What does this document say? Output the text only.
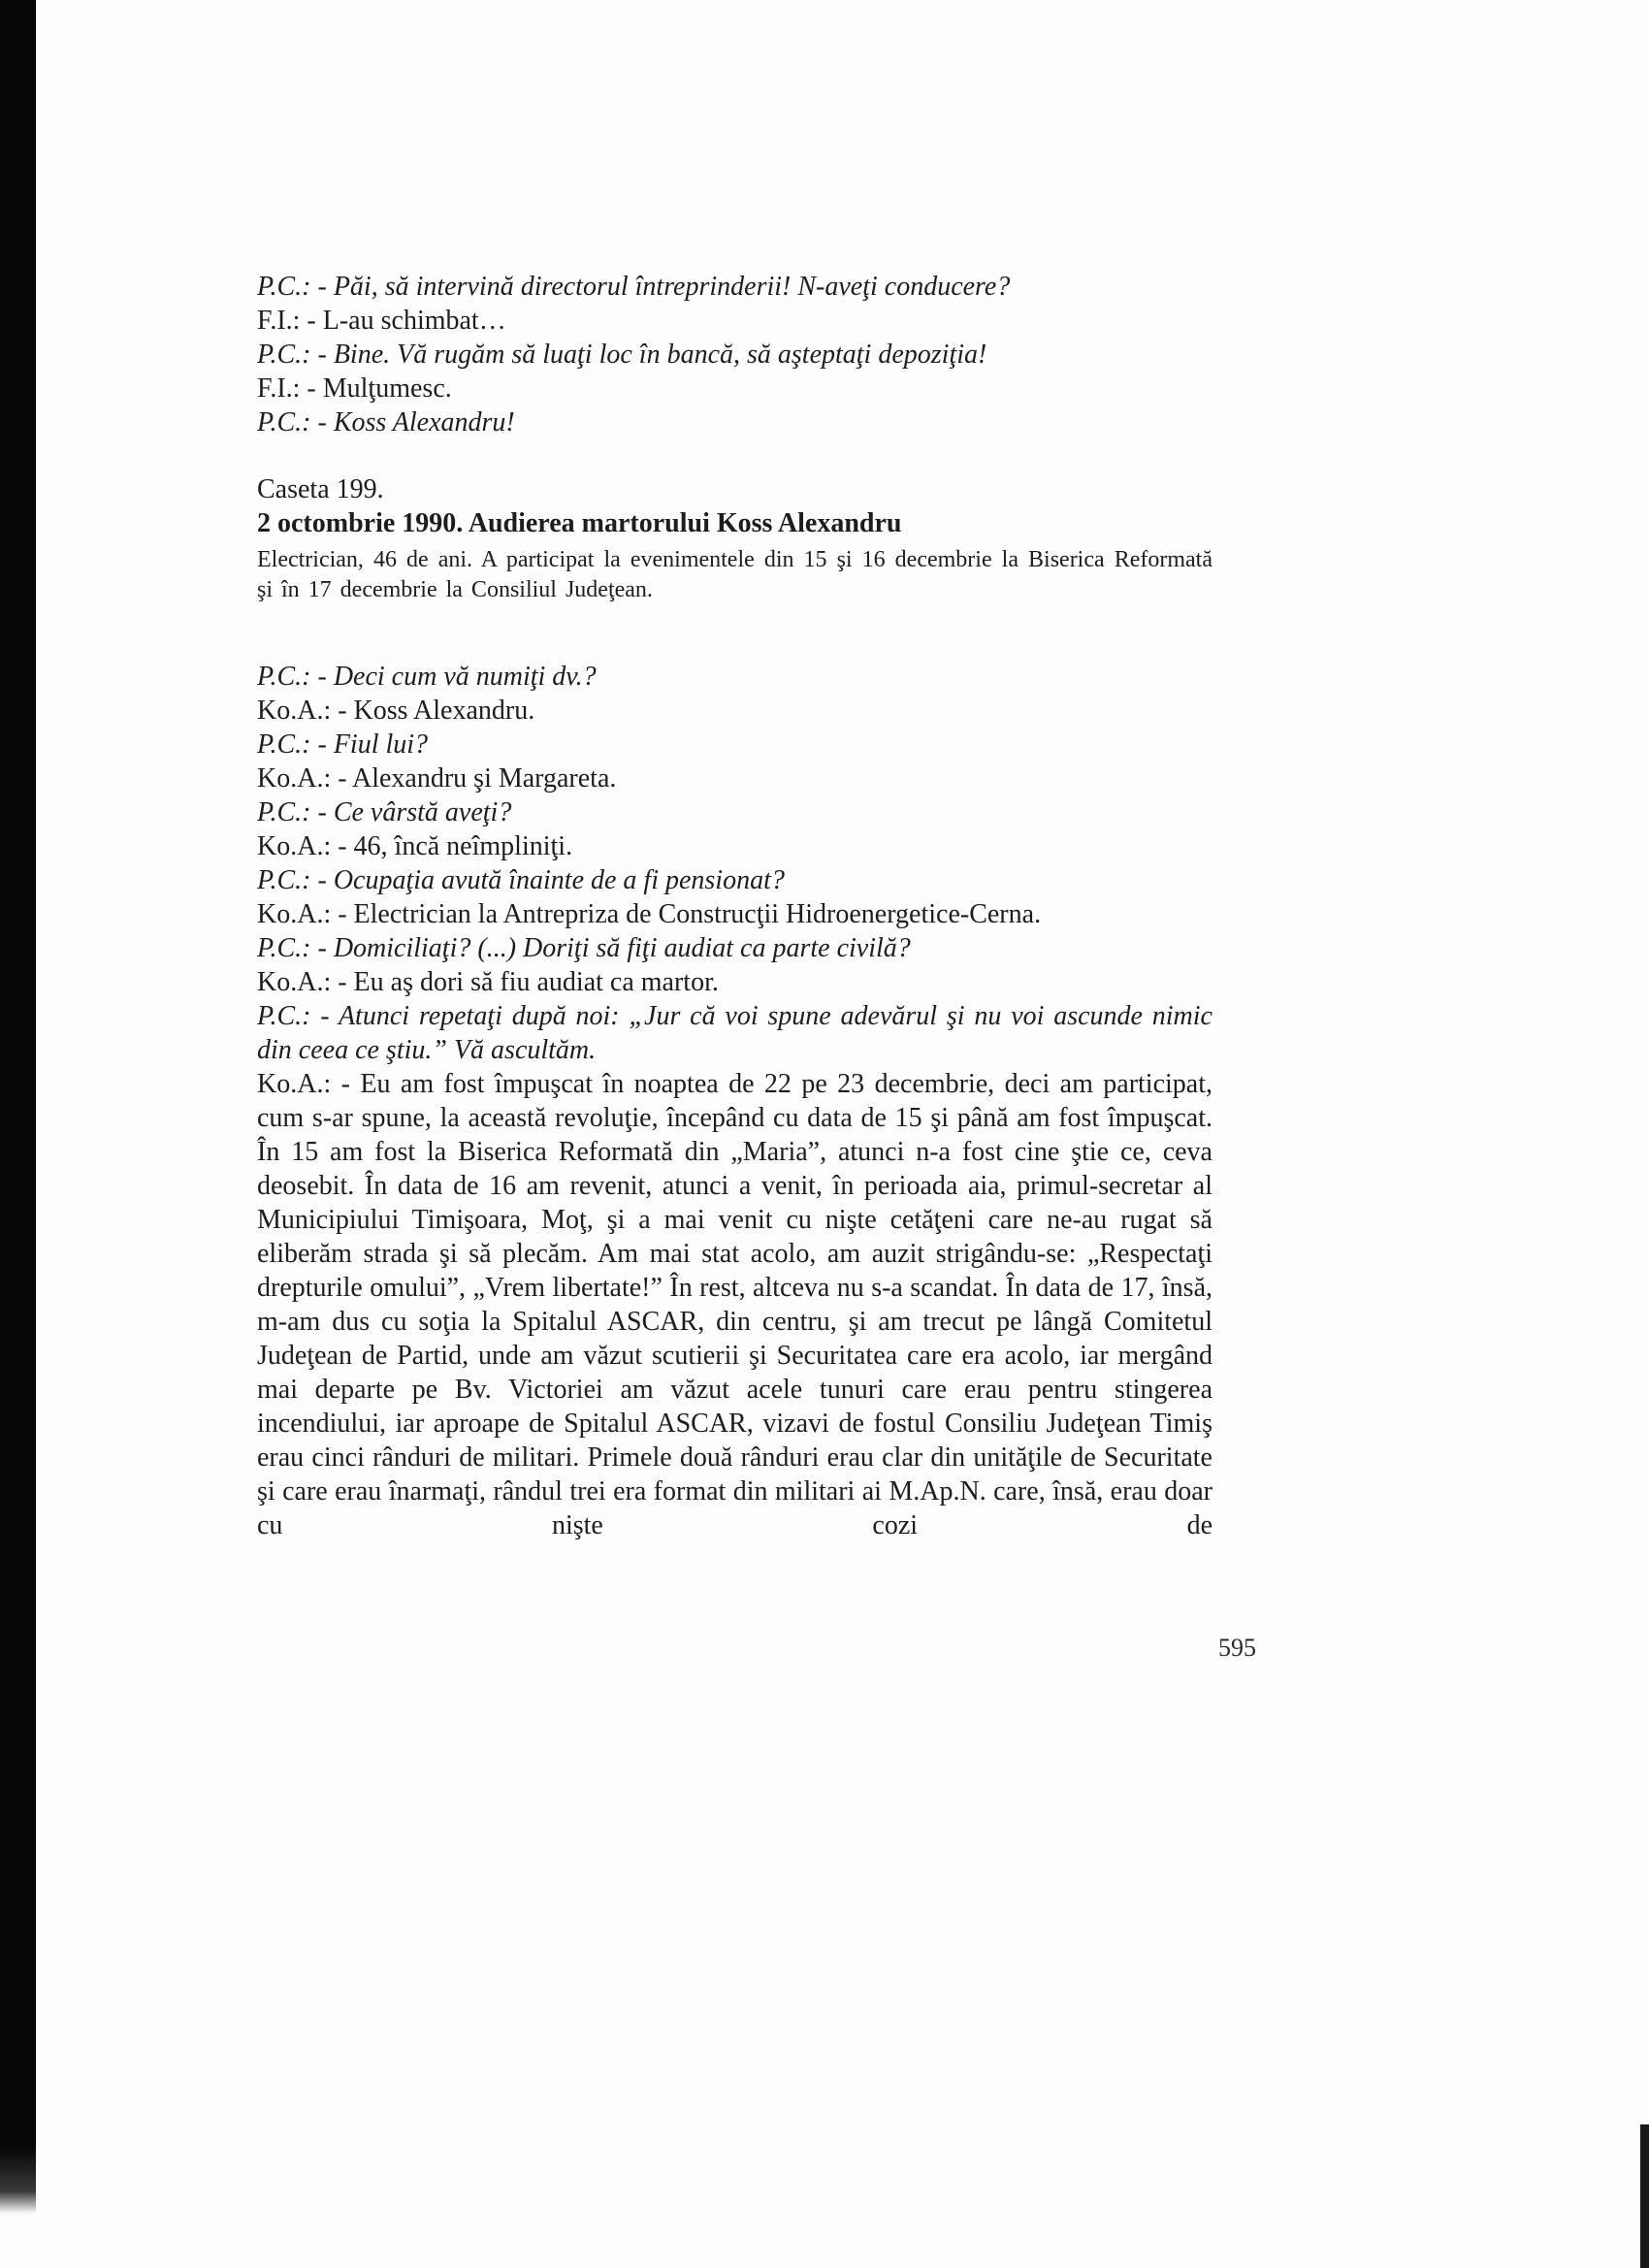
P.C.: - Păi, să intervină directorul întreprinderii! N-aveţi conducere?

F.I.: - L-au schimbat…

P.C.: - Bine. Vă rugăm să luaţi loc în bancă, să aşteptaţi depoziţia!

F.I.: - Mulţumesc.

P.C.: - Koss Alexandru!

Caseta 199.

2 octombrie 1990. Audierea martorului Koss Alexandru

Electrician, 46 de ani. A participat la evenimentele din 15 şi 16 decembrie la Biserica Reformată şi în 17 decembrie la Consiliul Judeţean.

P.C.: - Deci cum vă numiţi dv.?

Ko.A.: - Koss Alexandru.

P.C.: - Fiul lui?

Ko.A.: - Alexandru şi Margareta.

P.C.: - Ce vârstă aveţi?

Ko.A.: - 46, încă neîmpliniţi.

P.C.: - Ocupaţia avută înainte de a fi pensionat?

Ko.A.: - Electrician la Antrepriza de Construcţii Hidroenergetice-Cerna.

P.C.: - Domiciliaţi? (...) Doriţi să fiţi audiat ca parte civilă?

Ko.A.: - Eu aş dori să fiu audiat ca martor.

P.C.: - Atunci repetaţi după noi: „Jur că voi spune adevărul şi nu voi ascunde nimic din ceea ce ştiu.” Vă ascultăm.

Ko.A.: - Eu am fost împuşcat în noaptea de 22 pe 23 decembrie, deci am participat, cum s-ar spune, la această revoluţie, începând cu data de 15 şi până am fost împuşcat. În 15 am fost la Biserica Reformată din „Maria”, atunci n-a fost cine ştie ce, ceva deosebit. În data de 16 am revenit, atunci a venit, în perioada aia, primul-secretar al Municipiului Timişoara, Moţ, şi a mai venit cu nişte cetăţeni care ne-au rugat să eliberăm strada şi să plecăm. Am mai stat acolo, am auzit strigându-se: „Respectaţi drepturile omului”, „Vrem libertate!” În rest, altceva nu s-a scandat. În data de 17, însă, m-am dus cu soţia la Spitalul ASCAR, din centru, şi am trecut pe lângă Comitetul Judeţean de Partid, unde am văzut scutierii şi Securitatea care era acolo, iar mergând mai departe pe Bv. Victoriei am văzut acele tunuri care erau pentru stingerea incendiului, iar aproape de Spitalul ASCAR, vizavi de fostul Consiliu Judeţean Timiş erau cinci rânduri de militari. Primele două rânduri erau clar din unităţile de Securitate şi care erau înarmaţi, rândul trei era format din militari ai M.Ap.N. care, însă, erau doar cu nişte cozi de

595
